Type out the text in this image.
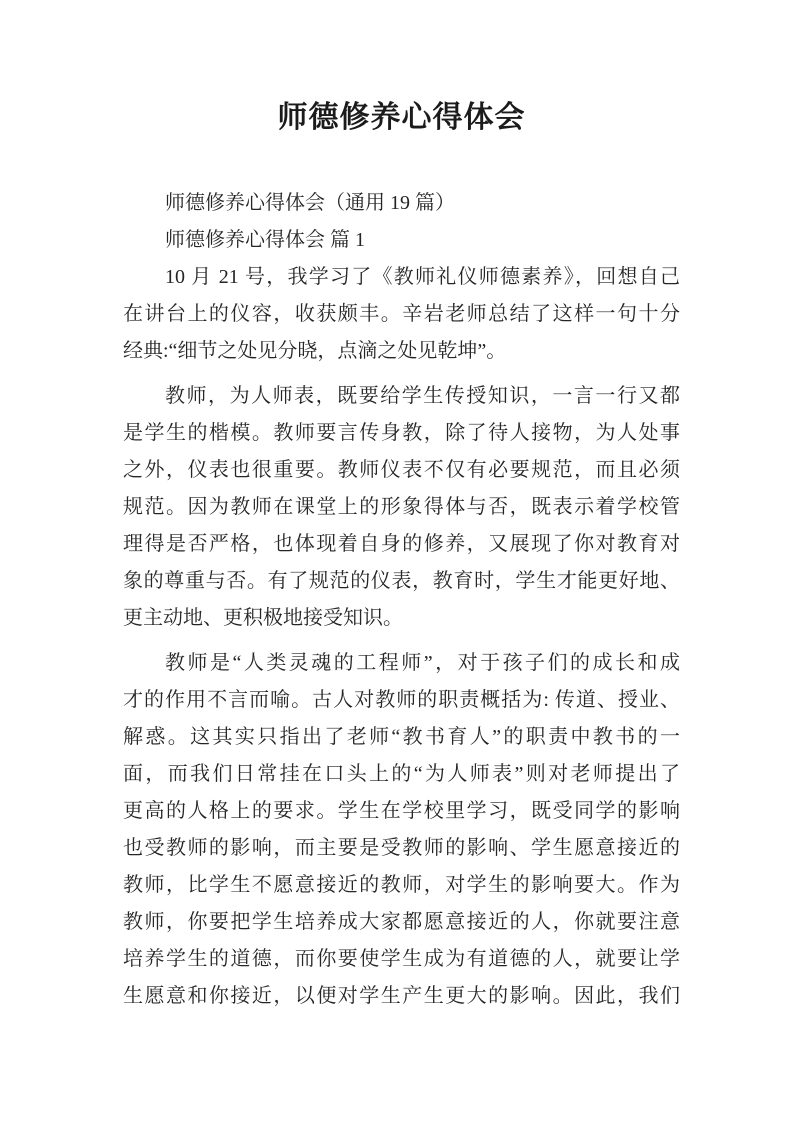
师德修养心得体会
师德修养心得体会（通用 19 篇）
师德修养心得体会 篇 1
10 月 21 号，我学习了《教师礼仪师德素养》，回想自己
在讲台上的仪容，收获颇丰。辛岩老师总结了这样一句十分
经典:“细节之处见分晓，点滴之处见乾坤”。
教师，为人师表，既要给学生传授知识，一言一行又都
是学生的楷模。教师要言传身教，除了待人接物，为人处事
之外，仪表也很重要。教师仪表不仅有必要规范，而且必须
规范。因为教师在课堂上的形象得体与否，既表示着学校管
理得是否严格，也体现着自身的修养，又展现了你对教育对
象的尊重与否。有了规范的仪表，教育时，学生才能更好地、
更主动地、更积极地接受知识。
教师是“人类灵魂的工程师”，对于孩子们的成长和成
才的作用不言而喻。古人对教师的职责概括为: 传道、授业、
解惑。这其实只指出了老师“教书育人”的职责中教书的一
面，而我们日常挂在口头上的“为人师表”则对老师提出了
更高的人格上的要求。学生在学校里学习，既受同学的影响
也受教师的影响，而主要是受教师的影响、学生愿意接近的
教师，比学生不愿意接近的教师，对学生的影响要大。作为
教师，你要把学生培养成大家都愿意接近的人，你就要注意
培养学生的道德，而你要使学生成为有道德的人，就要让学
生愿意和你接近，以便对学生产生更大的影响。因此，我们
